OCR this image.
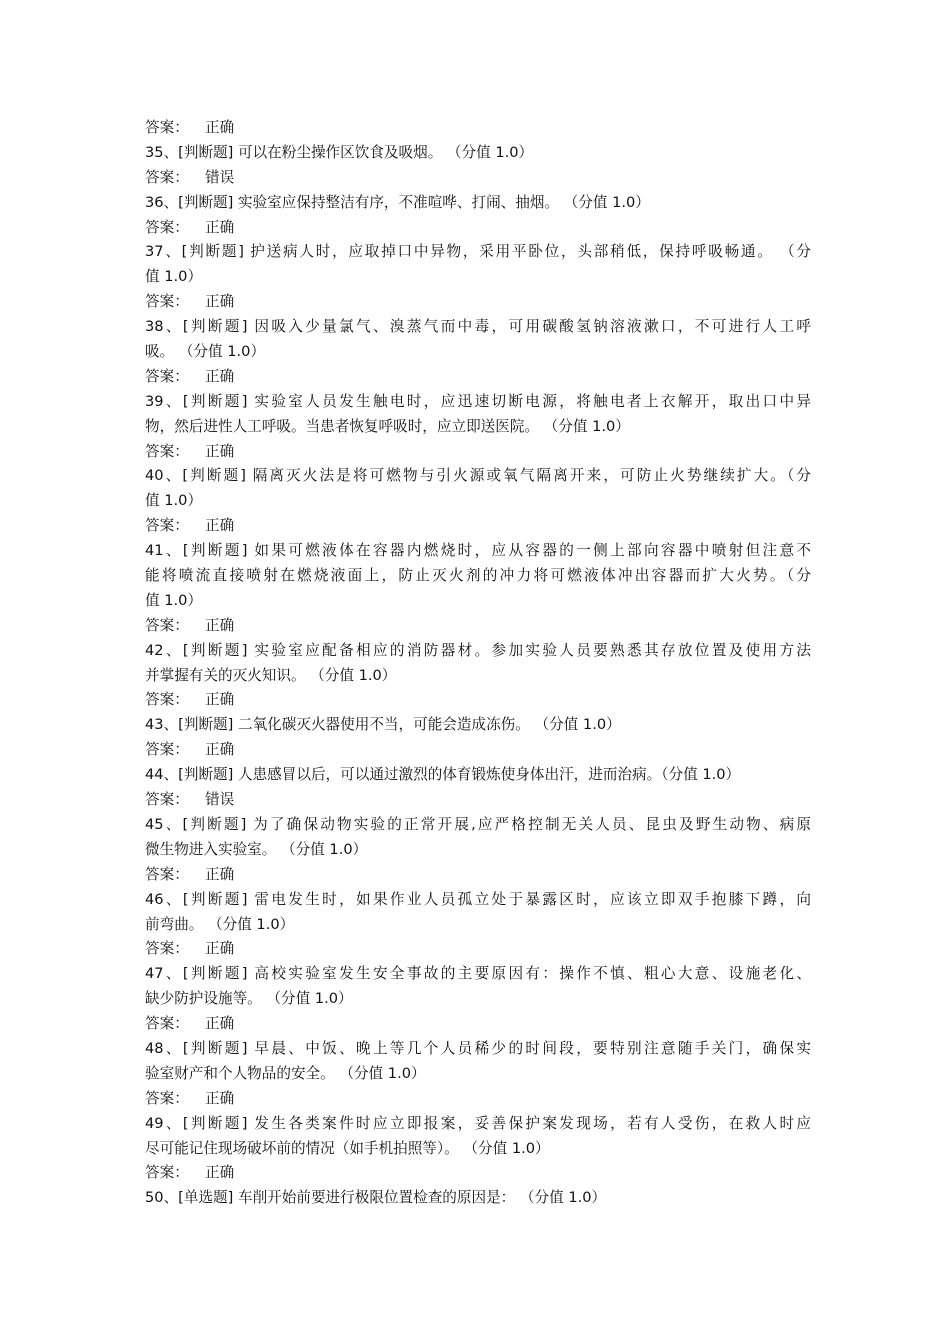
答案： 正确
35、[判断题] 可以在粉尘操作区饮食及吸烟。 （分值 1.0）
答案： 错误
36、[判断题] 实验室应保持整洁有序，不准喧哗、打闹、抽烟。 （分值 1.0）
答案： 正确
37、[判断题] 护送病人时，应取掉口中异物，采用平卧位，头部稍低，保持呼吸畅通。 （分
值 1.0）
答案： 正确
38、[判断题] 因吸入少量氯气、溴蒸气而中毒，可用碳酸氢钠溶液漱口，不可进行人工呼
吸。 （分值 1.0）
答案： 正确
39、[判断题] 实验室人员发生触电时，应迅速切断电源，将触电者上衣解开，取出口中异
物，然后进性人工呼吸。当患者恢复呼吸时，应立即送医院。 （分值 1.0）
答案： 正确
40、[判断题] 隔离灭火法是将可燃物与引火源或氧气隔离开来，可防止火势继续扩大。（分
值 1.0）
答案： 正确
41、[判断题] 如果可燃液体在容器内燃烧时，应从容器的一侧上部向容器中喷射但注意不
能将喷流直接喷射在燃烧液面上，防止灭火剂的冲力将可燃液体冲出容器而扩大火势。（分
值 1.0）
答案： 正确
42、[判断题] 实验室应配备相应的消防器材。参加实验人员要熟悉其存放位置及使用方法
并掌握有关的灭火知识。 （分值 1.0）
答案： 正确
43、[判断题] 二氧化碳灭火器使用不当，可能会造成冻伤。 （分值 1.0）
答案： 正确
44、[判断题] 人患感冒以后，可以通过激烈的体育锻炼使身体出汗，进而治病。（分值 1.0）
答案： 错误
45、[判断题] 为了确保动物实验的正常开展,应严格控制无关人员、昆虫及野生动物、病原
微生物进入实验室。 （分值 1.0）
答案： 正确
46、[判断题] 雷电发生时，如果作业人员孤立处于暴露区时，应该立即双手抱膝下蹲，向
前弯曲。 （分值 1.0）
答案： 正确
47、[判断题] 高校实验室发生安全事故的主要原因有：操作不慎、粗心大意、设施老化、
缺少防护设施等。 （分值 1.0）
答案： 正确
48、[判断题] 早晨、中饭、晚上等几个人员稀少的时间段，要特别注意随手关门，确保实
验室财产和个人物品的安全。 （分值 1.0）
答案： 正确
49、[判断题] 发生各类案件时应立即报案，妥善保护案发现场，若有人受伤，在救人时应
尽可能记住现场破坏前的情况（如手机拍照等）。 （分值 1.0）
答案： 正确
50、[单选题] 车削开始前要进行极限位置检查的原因是： （分值 1.0）
